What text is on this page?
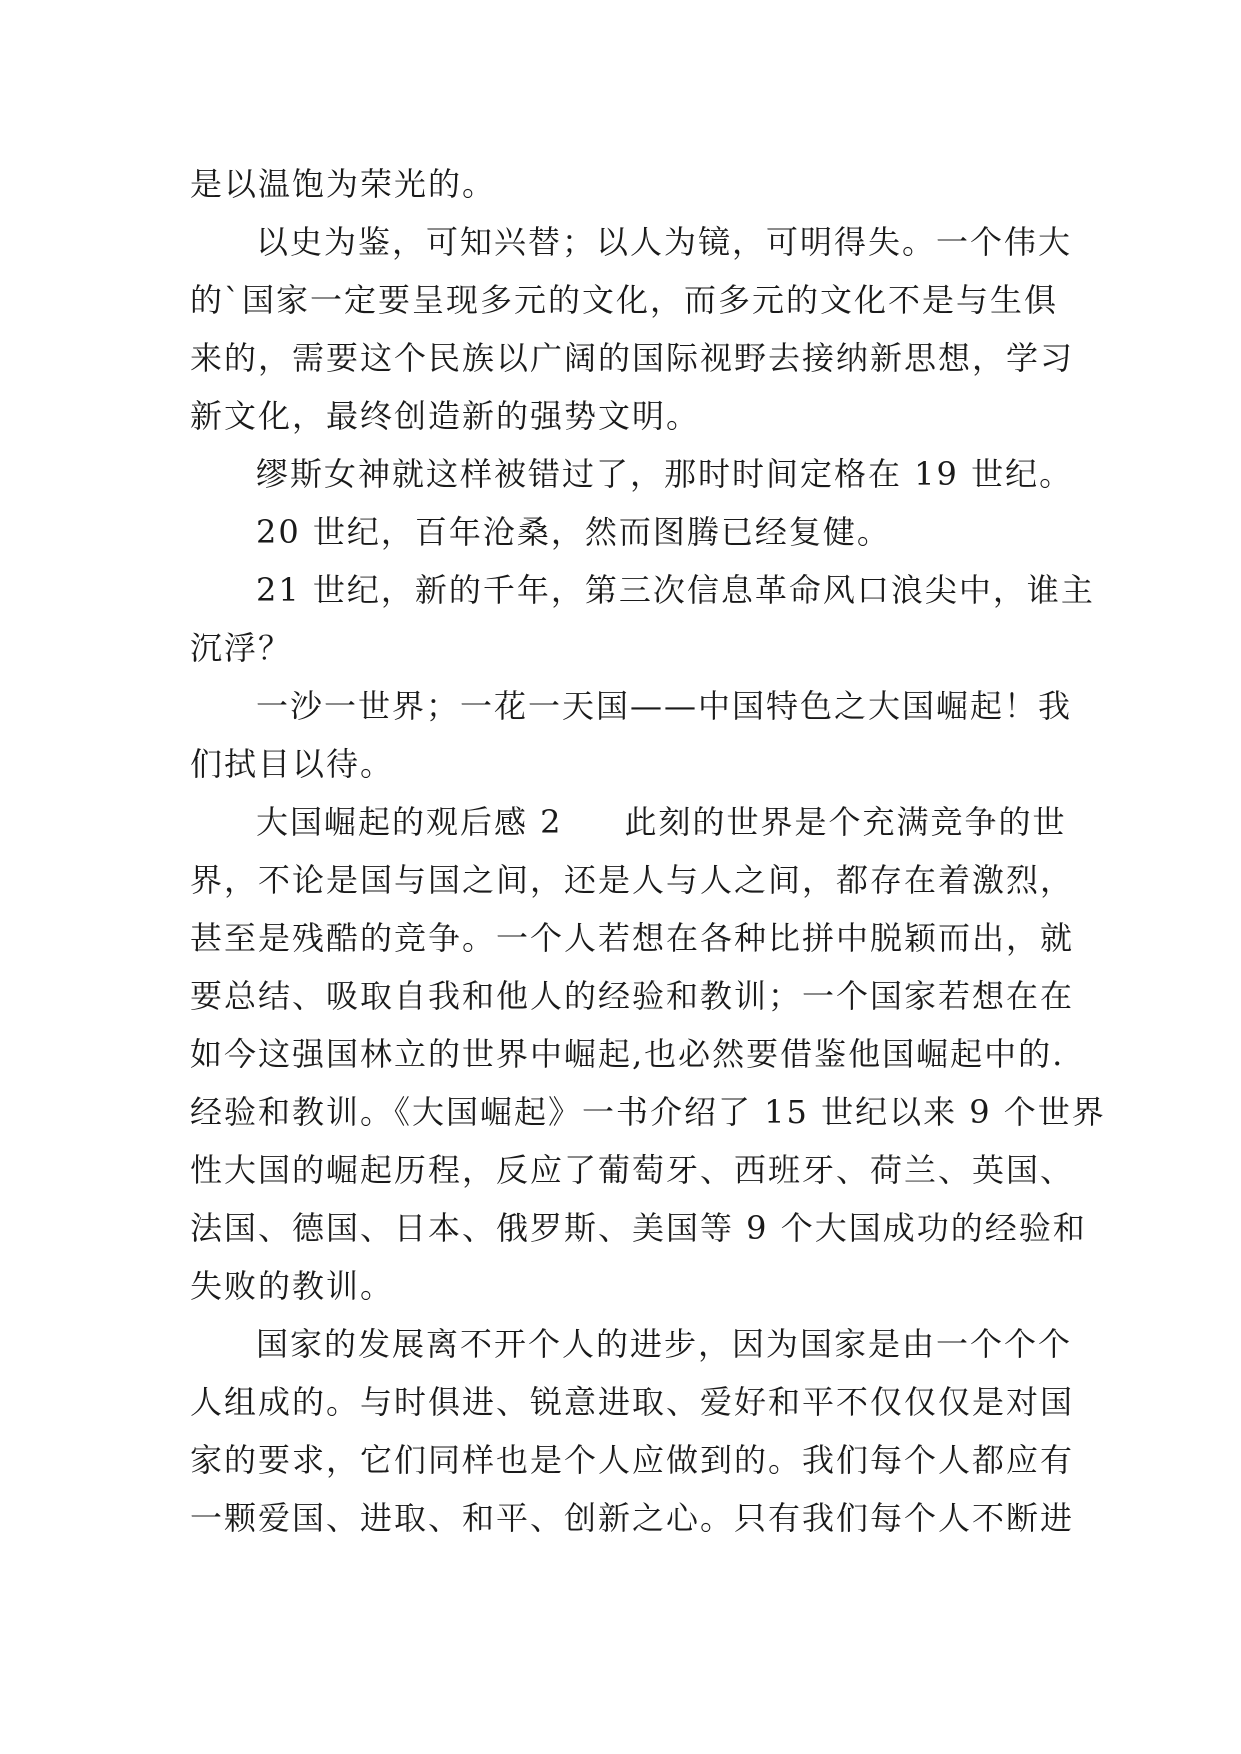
是以温饱为荣光的。
以史为鉴，可知兴替；以人为镜，可明得失。一个伟大
的`国家一定要呈现多元的文化，而多元的文化不是与生俱
来的，需要这个民族以广阔的国际视野去接纳新思想，学习
新文化，最终创造新的强势文明。
缪斯女神就这样被错过了，那时时间定格在 19 世纪。
20 世纪，百年沧桑，然而图腾已经复健。
21 世纪，新的千年，第三次信息革命风口浪尖中，谁主
沉浮？
一沙一世界；一花一天国——中国特色之大国崛起！我
们拭目以待。
大国崛起的观后感 2 此刻的世界是个充满竞争的世
界，不论是国与国之间，还是人与人之间，都存在着激烈，
甚至是残酷的竞争。一个人若想在各种比拼中脱颖而出，就
要总结、吸取自我和他人的经验和教训；一个国家若想在在
如今这强国林立的世界中崛起,也必然要借鉴他国崛起中的.
经验和教训。《大国崛起》一书介绍了 15 世纪以来 9 个世界
性大国的崛起历程，反应了葡萄牙、西班牙、荷兰、英国、
法国、德国、日本、俄罗斯、美国等 9 个大国成功的经验和
失败的教训。
国家的发展离不开个人的进步，因为国家是由一个个个
人组成的。与时俱进、锐意进取、爱好和平不仅仅仅是对国
家的要求，它们同样也是个人应做到的。我们每个人都应有
一颗爱国、进取、和平、创新之心。只有我们每个人不断进
